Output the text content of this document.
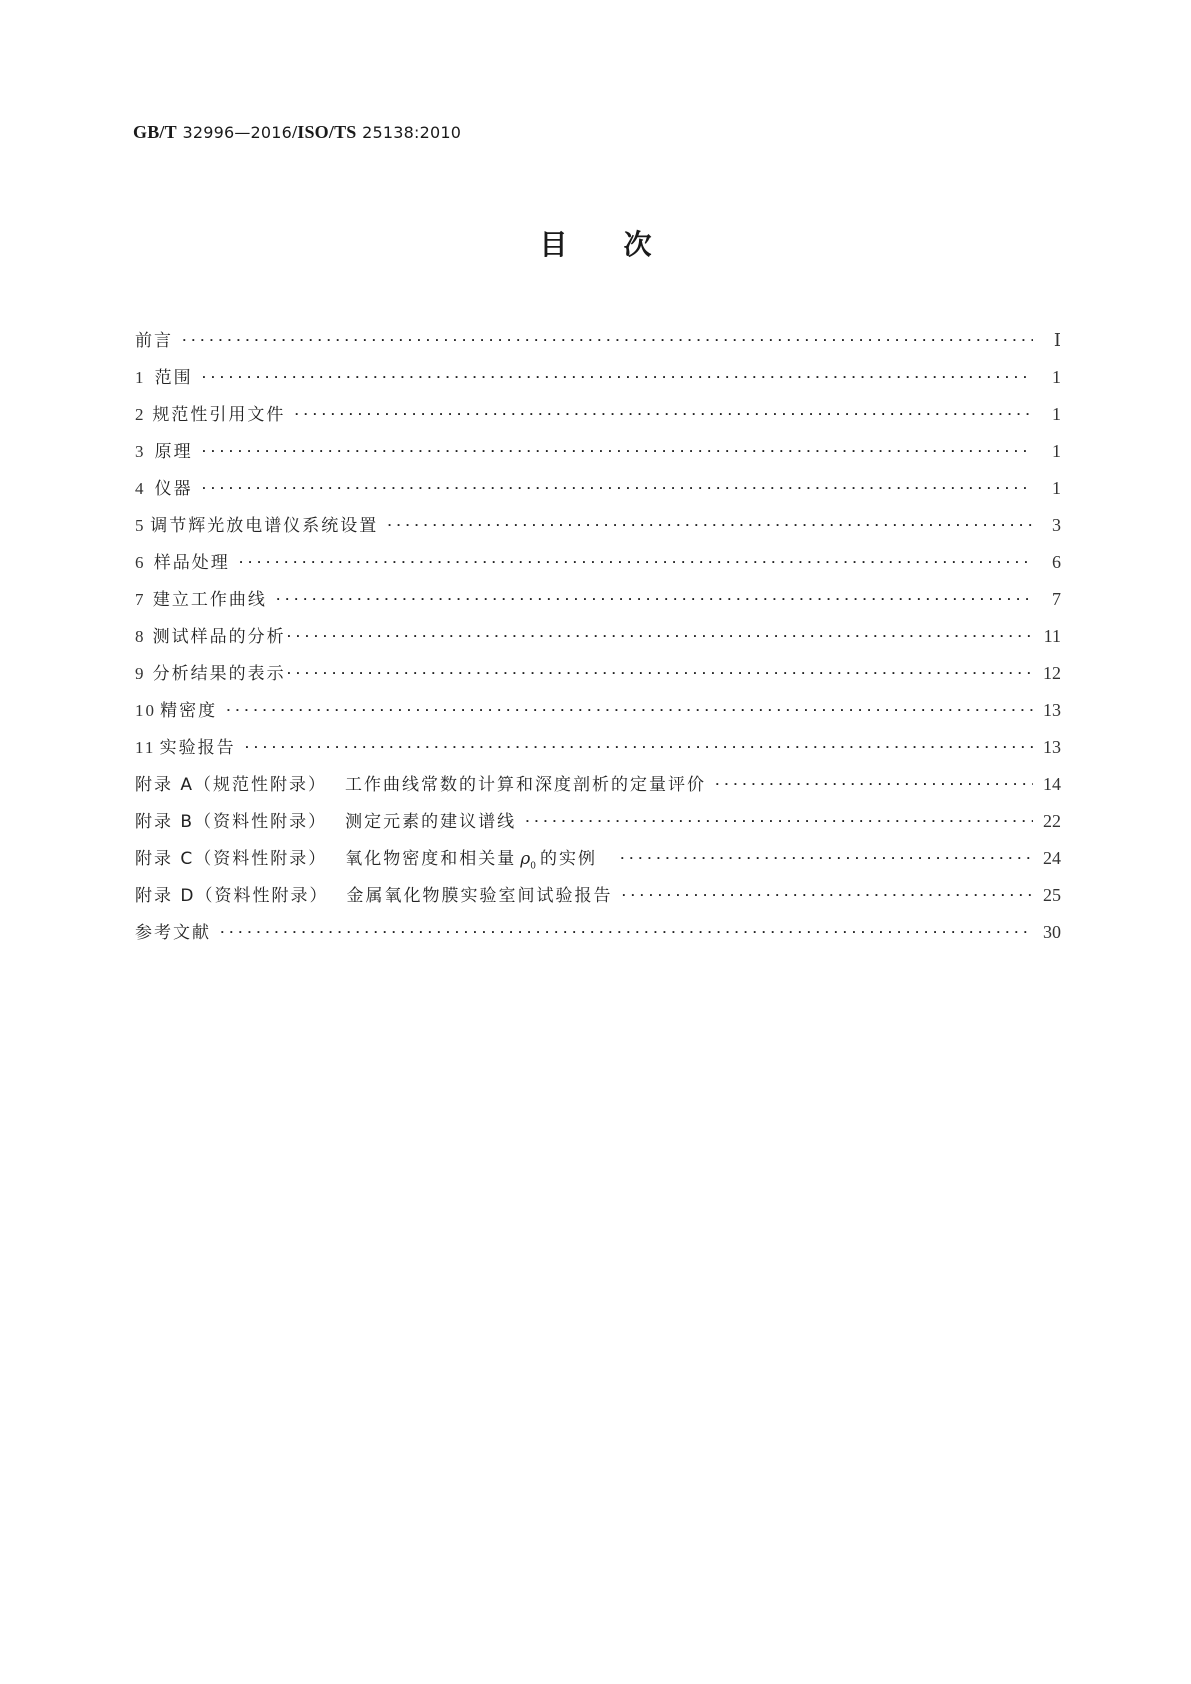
GB/T 32996—2016/ISO/TS 25138:2010
目次
前言 ·····	Ⅰ
1 范围 ·····	1
2 规范性引用文件 ·····	1
3 原理 ·····	1
4 仪器 ·····	1
5 调节辉光放电谱仪系统设置 ·····	3
6 样品处理 ·····	6
7 建立工作曲线 ·····	7
8 测试样品的分析 ·····	11
9 分析结果的表示 ·····	12
10 精密度 ·····	13
11 实验报告 ·····	13
附录 A（规范性附录） 工作曲线常数的计算和深度剖析的定量评价 ·····	14
附录 B（资料性附录） 测定元素的建议谱线 ·····	22
附录 C（资料性附录） 氧化物密度和相关量 $\rho_0$ 的实例 ·····	24
附录 D（资料性附录） 金属氧化物膜实验室间试验报告 ·····	25
参考文献 ·····	30
